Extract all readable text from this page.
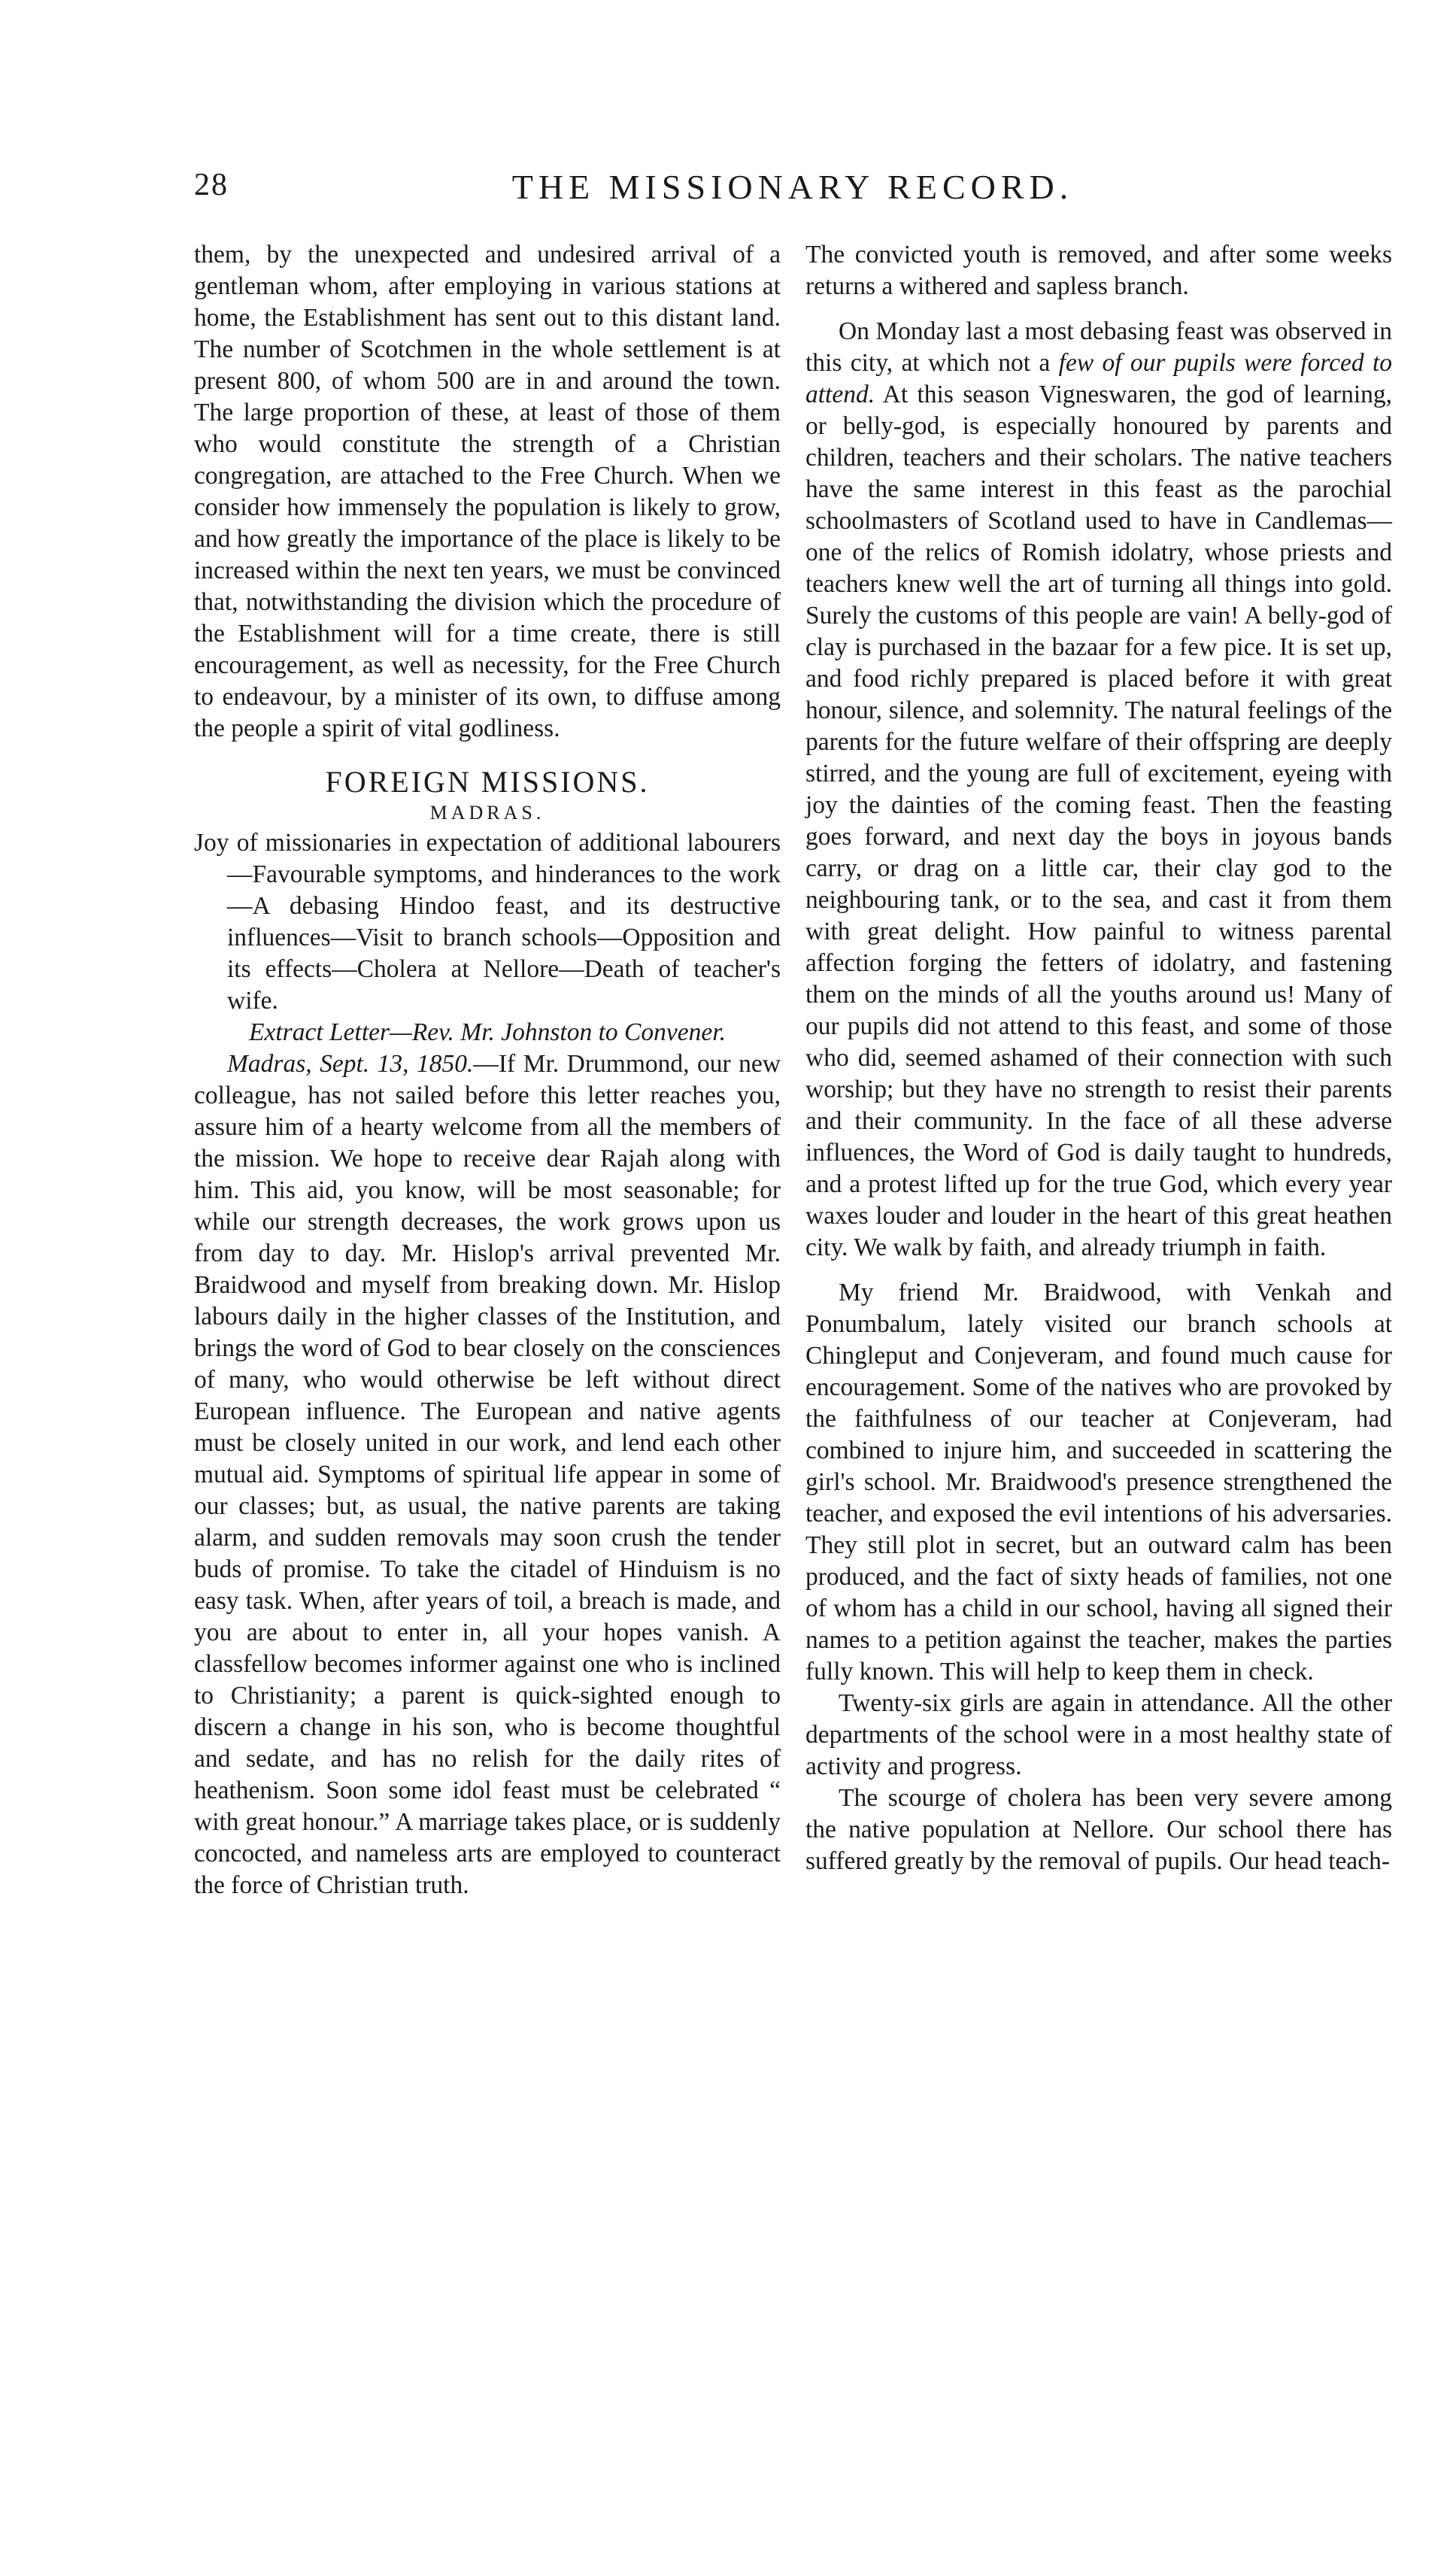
28	THE MISSIONARY RECORD.

them, by the unexpected and undesired arrival of a gentleman whom, after employing in various stations at home, the Establishment has sent out to this distant land. The number of Scotchmen in the whole settlement is at present 800, of whom 500 are in and around the town. The large proportion of these, at least of those of them who would constitute the strength of a Christian congregation, are attached to the Free Church. When we consider how immensely the population is likely to grow, and how greatly the importance of the place is likely to be increased within the next ten years, we must be convinced that, notwithstanding the division which the procedure of the Establishment will for a time create, there is still encouragement, as well as necessity, for the Free Church to endeavour, by a minister of its own, to diffuse among the people a spirit of vital godliness.

FOREIGN MISSIONS.
MADRAS.

Joy of missionaries in expectation of additional labourers—Favourable symptoms, and hinderances to the work—A debasing Hindoo feast, and its destructive influences—Visit to branch schools—Opposition and its effects—Cholera at Nellore—Death of teacher's wife.

Extract Letter—Rev. Mr. Johnston to Convener.

Madras, Sept. 13, 1850.—If Mr. Drummond, our new colleague, has not sailed before this letter reaches you, assure him of a hearty welcome from all the members of the mission. We hope to receive dear Rajah along with him. This aid, you know, will be most seasonable; for while our strength decreases, the work grows upon us from day to day. Mr. Hislop's arrival prevented Mr. Braidwood and myself from breaking down. Mr. Hislop labours daily in the higher classes of the Institution, and brings the word of God to bear closely on the consciences of many, who would otherwise be left without direct European influence. The European and native agents must be closely united in our work, and lend each other mutual aid. Symptoms of spiritual life appear in some of our classes; but, as usual, the native parents are taking alarm, and sudden removals may soon crush the tender buds of promise. To take the citadel of Hinduism is no easy task. When, after years of toil, a breach is made, and you are about to enter in, all your hopes vanish. A classfellow becomes informer against one who is inclined to Christianity; a parent is quick-sighted enough to discern a change in his son, who is become thoughtful and sedate, and has no relish for the daily rites of heathenism. Soon some idol feast must be celebrated “ with great honour.” A marriage takes place, or is suddenly concocted, and nameless arts are employed to counteract the force of Christian truth.

The convicted youth is removed, and after some weeks returns a withered and sapless branch.

On Monday last a most debasing feast was observed in this city, at which not a few of our pupils were forced to attend. At this season Vigneswaren, the god of learning, or belly-god, is especially honoured by parents and children, teachers and their scholars. The native teachers have the same interest in this feast as the parochial schoolmasters of Scotland used to have in Candlemas—one of the relics of Romish idolatry, whose priests and teachers knew well the art of turning all things into gold. Surely the customs of this people are vain! A belly-god of clay is purchased in the bazaar for a few pice. It is set up, and food richly prepared is placed before it with great honour, silence, and solemnity. The natural feelings of the parents for the future welfare of their offspring are deeply stirred, and the young are full of excitement, eyeing with joy the dainties of the coming feast. Then the feasting goes forward, and next day the boys in joyous bands carry, or drag on a little car, their clay god to the neighbouring tank, or to the sea, and cast it from them with great delight. How painful to witness parental affection forging the fetters of idolatry, and fastening them on the minds of all the youths around us! Many of our pupils did not attend to this feast, and some of those who did, seemed ashamed of their connection with such worship; but they have no strength to resist their parents and their community. In the face of all these adverse influences, the Word of God is daily taught to hundreds, and a protest lifted up for the true God, which every year waxes louder and louder in the heart of this great heathen city. We walk by faith, and already triumph in faith.

My friend Mr. Braidwood, with Venkah and Ponumbalum, lately visited our branch schools at Chingleput and Conjeveram, and found much cause for encouragement. Some of the natives who are provoked by the faithfulness of our teacher at Conjeveram, had combined to injure him, and succeeded in scattering the girl's school. Mr. Braidwood's presence strengthened the teacher, and exposed the evil intentions of his adversaries. They still plot in secret, but an outward calm has been produced, and the fact of sixty heads of families, not one of whom has a child in our school, having all signed their names to a petition against the teacher, makes the parties fully known. This will help to keep them in check.

Twenty-six girls are again in attendance. All the other departments of the school were in a most healthy state of activity and progress.

The scourge of cholera has been very severe among the native population at Nellore. Our school there has suffered greatly by the removal of pupils. Our head teach-
